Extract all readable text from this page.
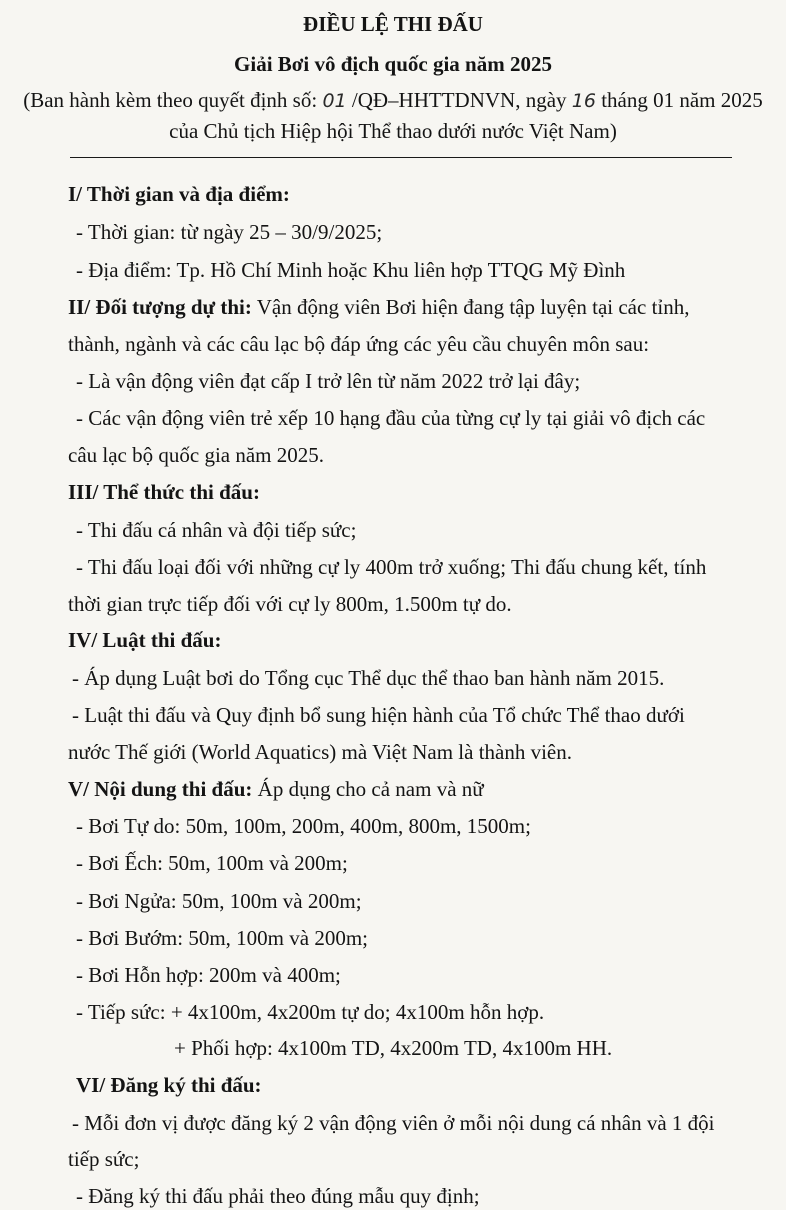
ĐIỀU LỆ THI ĐẤU
Giải Bơi vô địch quốc gia năm 2025
(Ban hành kèm theo quyết định số: 01 /QĐ–HHTTDNVN, ngày 16 tháng 01 năm 2025
của Chủ tịch Hiệp hội Thể thao dưới nước Việt Nam)
I/ Thời gian và địa điểm:
- Thời gian: từ ngày 25 – 30/9/2025;
- Địa điểm: Tp. Hồ Chí Minh hoặc Khu liên hợp TTQG Mỹ Đình
II/ Đối tượng dự thi: Vận động viên Bơi hiện đang tập luyện tại các tỉnh,
thành, ngành và các câu lạc bộ đáp ứng các yêu cầu chuyên môn sau:
- Là vận động viên đạt cấp I trở lên từ năm 2022 trở lại đây;
- Các vận động viên trẻ xếp 10 hạng đầu của từng cự ly tại giải vô địch các
câu lạc bộ quốc gia năm 2025.
III/ Thể thức thi đấu:
- Thi đấu cá nhân và đội tiếp sức;
- Thi đấu loại đối với những cự ly 400m trở xuống; Thi đấu chung kết, tính
thời gian trực tiếp đối với cự ly 800m, 1.500m tự do.
IV/ Luật thi đấu:
- Áp dụng Luật bơi do Tổng cục Thể dục thể thao ban hành năm 2015.
- Luật thi đấu và Quy định bổ sung hiện hành của Tổ chức Thể thao dưới
nước Thế giới (World Aquatics) mà Việt Nam là thành viên.
V/ Nội dung thi đấu: Áp dụng cho cả nam và nữ
- Bơi Tự do: 50m, 100m, 200m, 400m, 800m, 1500m;
- Bơi Ếch: 50m, 100m và 200m;
- Bơi Ngửa: 50m, 100m và 200m;
- Bơi Bướm: 50m, 100m và 200m;
- Bơi Hỗn hợp: 200m và 400m;
- Tiếp sức: + 4x100m, 4x200m tự do; 4x100m hỗn hợp.
+ Phối hợp: 4x100m TD, 4x200m TD, 4x100m HH.
VI/ Đăng ký thi đấu:
- Mỗi đơn vị được đăng ký 2 vận động viên ở mỗi nội dung cá nhân và 1 đội
tiếp sức;
- Đăng ký thi đấu phải theo đúng mẫu quy định;
